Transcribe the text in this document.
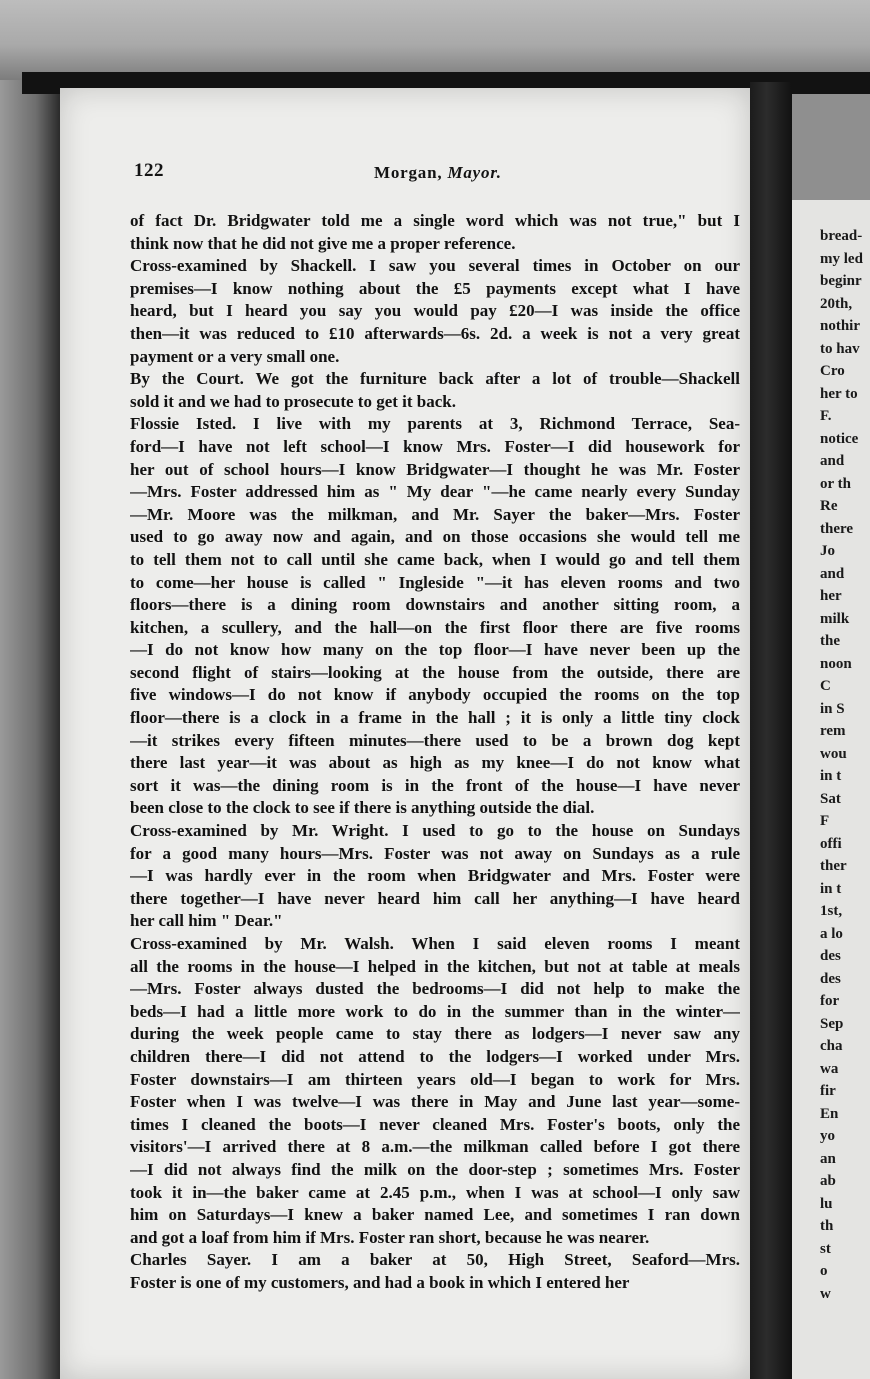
122	Morgan, Mayor.
of fact Dr. Bridgwater told me a single word which was not true," but I
think now that he did not give me a proper reference.
Cross-examined by Shackell. I saw you several times in October on our
premises—I know nothing about the £5 payments except what I have
heard, but I heard you say you would pay £20—I was inside the office
then—it was reduced to £10 afterwards—6s. 2d. a week is not a very great
payment or a very small one.
By the Court. We got the furniture back after a lot of trouble—Shackell
sold it and we had to prosecute to get it back.
Flossie Isted. I live with my parents at 3, Richmond Terrace, Sea-
ford—I have not left school—I know Mrs. Foster—I did housework for
her out of school hours—I know Bridgwater—I thought he was Mr. Foster
—Mrs. Foster addressed him as " My dear "—he came nearly every Sunday
—Mr. Moore was the milkman, and Mr. Sayer the baker—Mrs. Foster
used to go away now and again, and on those occasions she would tell me
to tell them not to call until she came back, when I would go and tell them
to come—her house is called " Ingleside "—it has eleven rooms and two
floors—there is a dining room downstairs and another sitting room, a
kitchen, a scullery, and the hall—on the first floor there are five rooms
—I do not know how many on the top floor—I have never been up the
second flight of stairs—looking at the house from the outside, there are
five windows—I do not know if anybody occupied the rooms on the top
floor—there is a clock in a frame in the hall ; it is only a little tiny clock
—it strikes every fifteen minutes—there used to be a brown dog kept
there last year—it was about as high as my knee—I do not know what
sort it was—the dining room is in the front of the house—I have never
been close to the clock to see if there is anything outside the dial.
Cross-examined by Mr. Wright. I used to go to the house on Sundays
for a good many hours—Mrs. Foster was not away on Sundays as a rule
—I was hardly ever in the room when Bridgwater and Mrs. Foster were
there together—I have never heard him call her anything—I have heard
her call him " Dear."
Cross-examined by Mr. Walsh. When I said eleven rooms I meant
all the rooms in the house—I helped in the kitchen, but not at table at meals
—Mrs. Foster always dusted the bedrooms—I did not help to make the
beds—I had a little more work to do in the summer than in the winter—
during the week people came to stay there as lodgers—I never saw any
children there—I did not attend to the lodgers—I worked under Mrs.
Foster downstairs—I am thirteen years old—I began to work for Mrs.
Foster when I was twelve—I was there in May and June last year—some-
times I cleaned the boots—I never cleaned Mrs. Foster's boots, only the
visitors'—I arrived there at 8 a.m.—the milkman called before I got there
—I did not always find the milk on the door-step ; sometimes Mrs. Foster
took it in—the baker came at 2.45 p.m., when I was at school—I only saw
him on Saturdays—I knew a baker named Lee, and sometimes I ran down
and got a loaf from him if Mrs. Foster ran short, because he was nearer.
Charles Sayer. I am a baker at 50, High Street, Seaford—Mrs.
Foster is one of my customers, and had a book in which I entered her
bread-
my led
beginr
20th,
nothir
to hav
Cro
her to
F.
notice
and
or th
Re
there
Jo
and
her
milk
the
noon
C
in S
rem
wou
in t
Sat
F
offi
ther
in t
1st,
a lo
des
des
for
Sep
cha
wa
fir
En
yo
an
ab
lu
th
st
o
w
